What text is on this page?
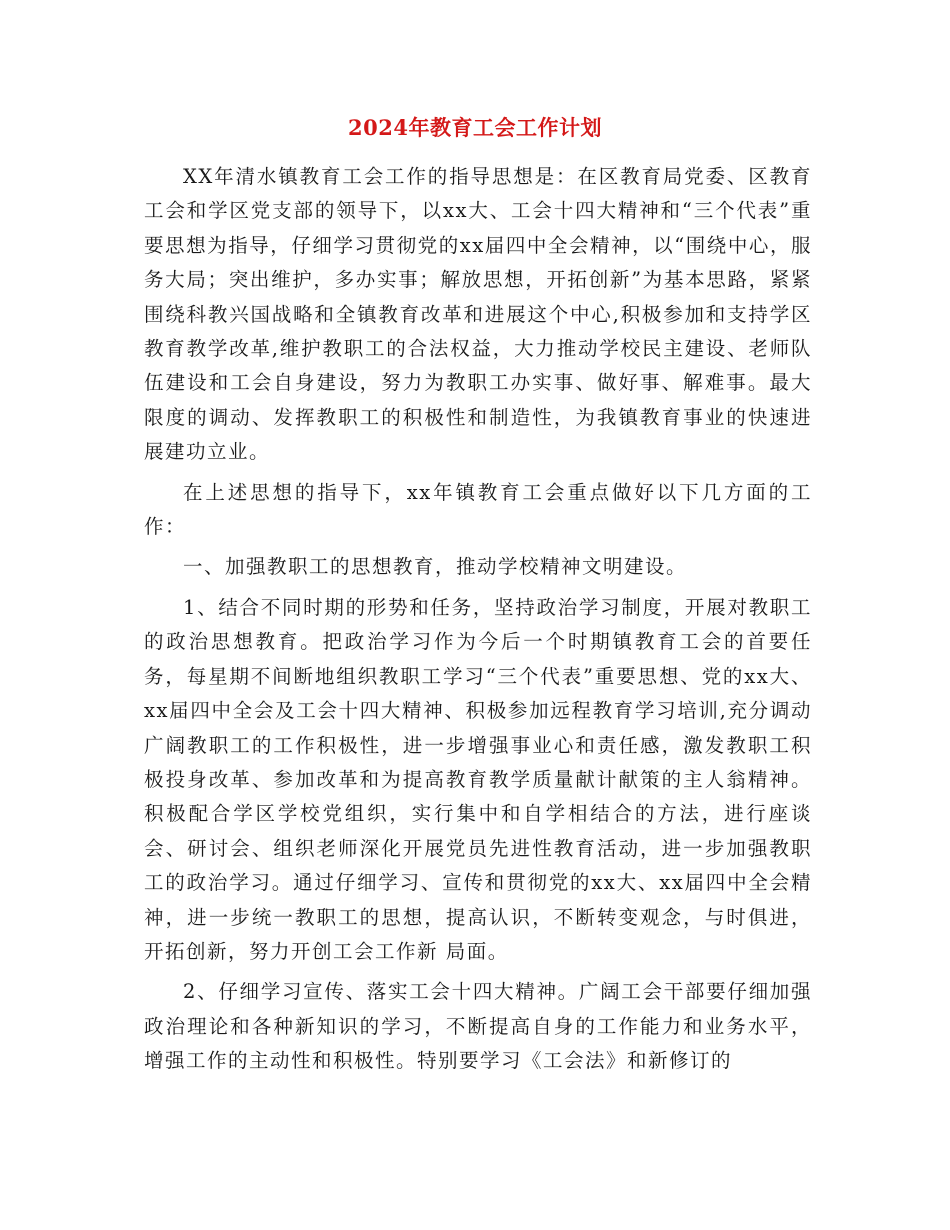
2024年教育工会工作计划

XX年清水镇教育工会工作的指导思想是：在区教育局党委、区教育工会和学区党支部的领导下，以xx大、工会十四大精神和“三个代表”重要思想为指导，仔细学习贯彻党的xx届四中全会精神，以“围绕中心，服务大局；突出维护，多办实事；解放思想，开拓创新”为基本思路，紧紧围绕科教兴国战略和全镇教育改革和进展这个中心,积极参加和支持学区教育教学改革,维护教职工的合法权益，大力推动学校民主建设、老师队伍建设和工会自身建设，努力为教职工办实事、做好事、解难事。最大限度的调动、发挥教职工的积极性和制造性，为我镇教育事业的快速进展建功立业。

在上述思想的指导下，xx年镇教育工会重点做好以下几方面的工作：

一、加强教职工的思想教育，推动学校精神文明建设。

1、结合不同时期的形势和任务，坚持政治学习制度，开展对教职工的政治思想教育。把政治学习作为今后一个时期镇教育工会的首要任务，每星期不间断地组织教职工学习“三个代表”重要思想、党的xx大、xx届四中全会及工会十四大精神、积极参加远程教育学习培训,充分调动广阔教职工的工作积极性，进一步增强事业心和责任感，激发教职工积极投身改革、参加改革和为提高教育教学质量献计献策的主人翁精神。积极配合学区学校党组织，实行集中和自学相结合的方法，进行座谈会、研讨会、组织老师深化开展党员先进性教育活动，进一步加强教职工的政治学习。通过仔细学习、宣传和贯彻党的xx大、xx届四中全会精神，进一步统一教职工的思想，提高认识，不断转变观念，与时俱进，开拓创新，努力开创工会工作新 局面。

2、仔细学习宣传、落实工会十四大精神。广阔工会干部要仔细加强政治理论和各种新知识的学习，不断提高自身的工作能力和业务水平，增强工作的主动性和积极性。特别要学习《工会法》和新修订的
